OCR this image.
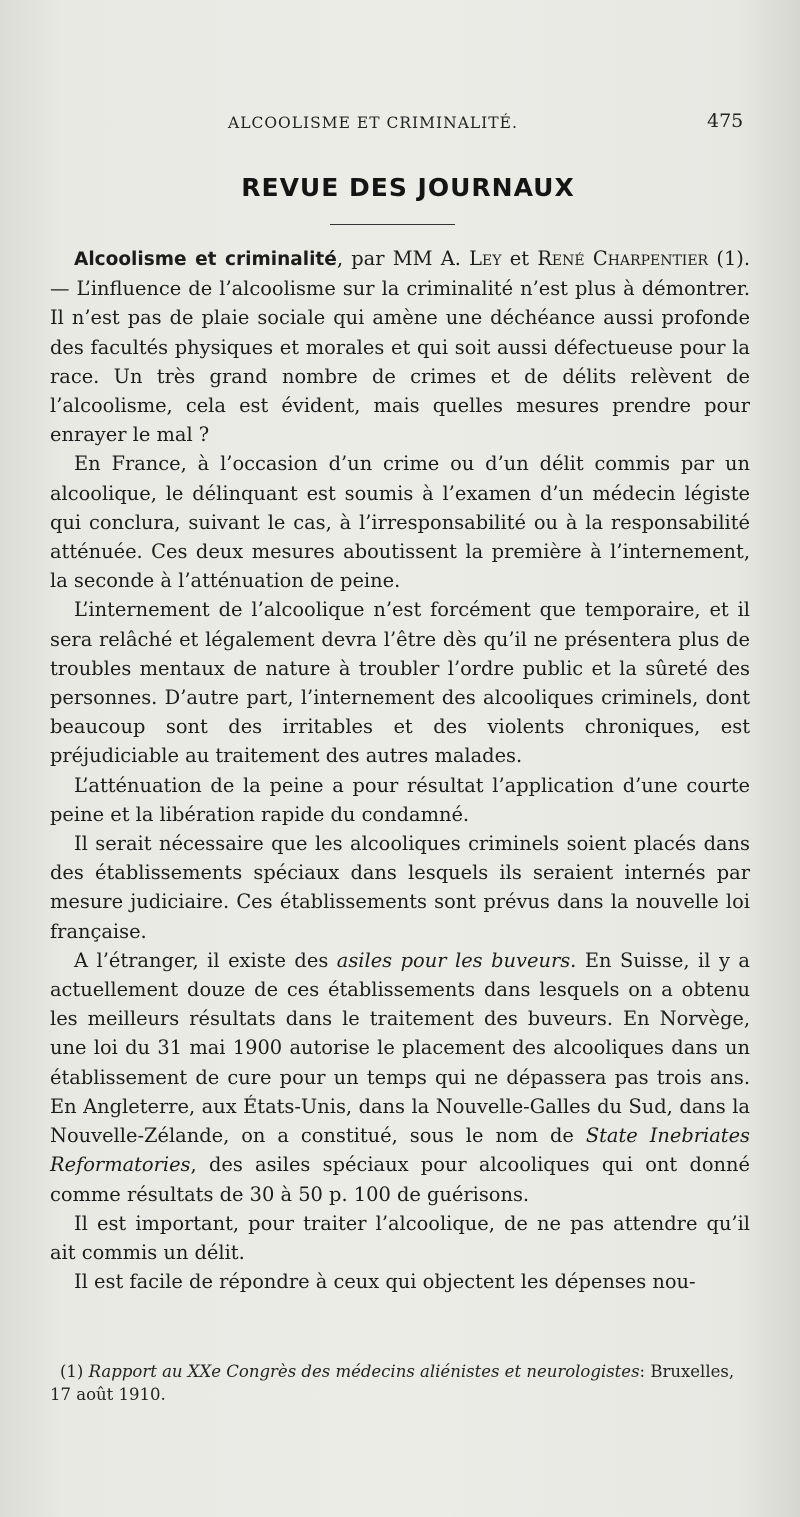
ALCOOLISME ET CRIMINALITÉ.	475
REVUE DES JOURNAUX

Alcoolisme et criminalité, par MM A. Ley et René Charpentier (1). — L’influence de l’alcoolisme sur la criminalité n’est plus à démontrer. Il n’est pas de plaie sociale qui amène une déchéance aussi profonde des facultés physiques et morales et qui soit aussi défectueuse pour la race. Un très grand nombre de crimes et de délits relèvent de l’alcoolisme, cela est évident, mais quelles mesures prendre pour enrayer le mal ?

En France, à l’occasion d’un crime ou d’un délit commis par un alcoolique, le délinquant est soumis à l’examen d’un médecin légiste qui conclura, suivant le cas, à l’irresponsabilité ou à la responsabilité atténuée. Ces deux mesures aboutissent la première à l’internement, la seconde à l’atténuation de peine.

L’internement de l’alcoolique n’est forcément que temporaire, et il sera relâché et légalement devra l’être dès qu’il ne présentera plus de troubles mentaux de nature à troubler l’ordre public et la sûreté des personnes. D’autre part, l’internement des alcooliques criminels, dont beaucoup sont des irritables et des violents chroniques, est préjudiciable au traitement des autres malades.

L’atténuation de la peine a pour résultat l’application d’une courte peine et la libération rapide du condamné.

Il serait nécessaire que les alcooliques criminels soient placés dans des établissements spéciaux dans lesquels ils seraient internés par mesure judiciaire. Ces établissements sont prévus dans la nouvelle loi française.

A l’étranger, il existe des asiles pour les buveurs. En Suisse, il y a actuellement douze de ces établissements dans lesquels on a obtenu les meilleurs résultats dans le traitement des buveurs. En Norvège, une loi du 31 mai 1900 autorise le placement des alcooliques dans un établissement de cure pour un temps qui ne dépassera pas trois ans. En Angleterre, aux États-Unis, dans la Nouvelle-Galles du Sud, dans la Nouvelle-Zélande, on a constitué, sous le nom de State Inebriates Reformatories, des asiles spéciaux pour alcooliques qui ont donné comme résultats de 30 à 50 p. 100 de guérisons.

Il est important, pour traiter l’alcoolique, de ne pas attendre qu’il ait commis un délit.

Il est facile de répondre à ceux qui objectent les dépenses nou-

(1) Rapport au XXe Congrès des médecins aliénistes et neurologistes: Bruxelles, 17 août 1910.
